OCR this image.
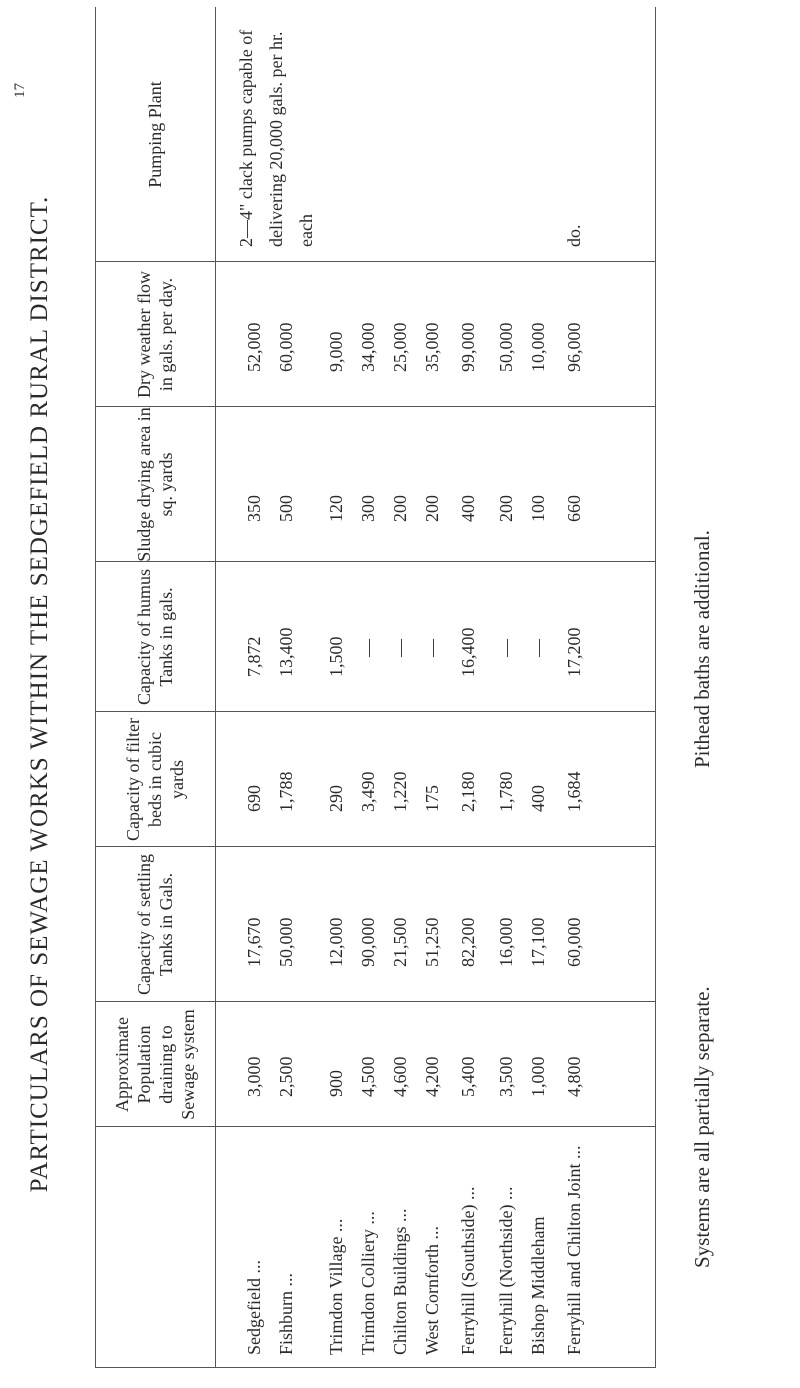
17
PARTICULARS OF SEWAGE WORKS WITHIN THE SEDGEFIELD RURAL DISTRICT.	Approximate Population draining to Sewage system
Capacity of settling Tanks in Gals.
Capacity of filter beds in cubic yards
Capacity of humus Tanks in gals.
Sludge drying area in sq. yards
Dry weather flow in gals. per day.
Pumping Plant
Sedgefield ...
3,000
17,670
690
7,872
350
52,000
Fishburn ...
2,500
50,000
1,788
13,400
500
60,000
Trimdon Village ...
900
12,000
290
1,500
120
9,000
Trimdon Colliery ...
4,500
90,000
3,490
—
300
34,000
Chilton Buildings ...
4,600
21,500
1,220
—
200
25,000
West Cornforth ...
4,200
51,250
175
—
200
35,000
Ferryhill (Southside) ...
5,400
82,200
2,180
16,400
400
99,000
Ferryhill (Northside) ...
3,500
16,000
1,780
—
200
50,000
Bishop Middleham
1,000
17,100
400
—
100
10,000
Ferryhill and Chilton Joint ...
4,800
60,000
1,684
17,200
660
96,000
2—4" clack pumps capable of delivering 20,000 gals. per hr. each	do.
Systems are all partially separate.
Pithead baths are additional.
